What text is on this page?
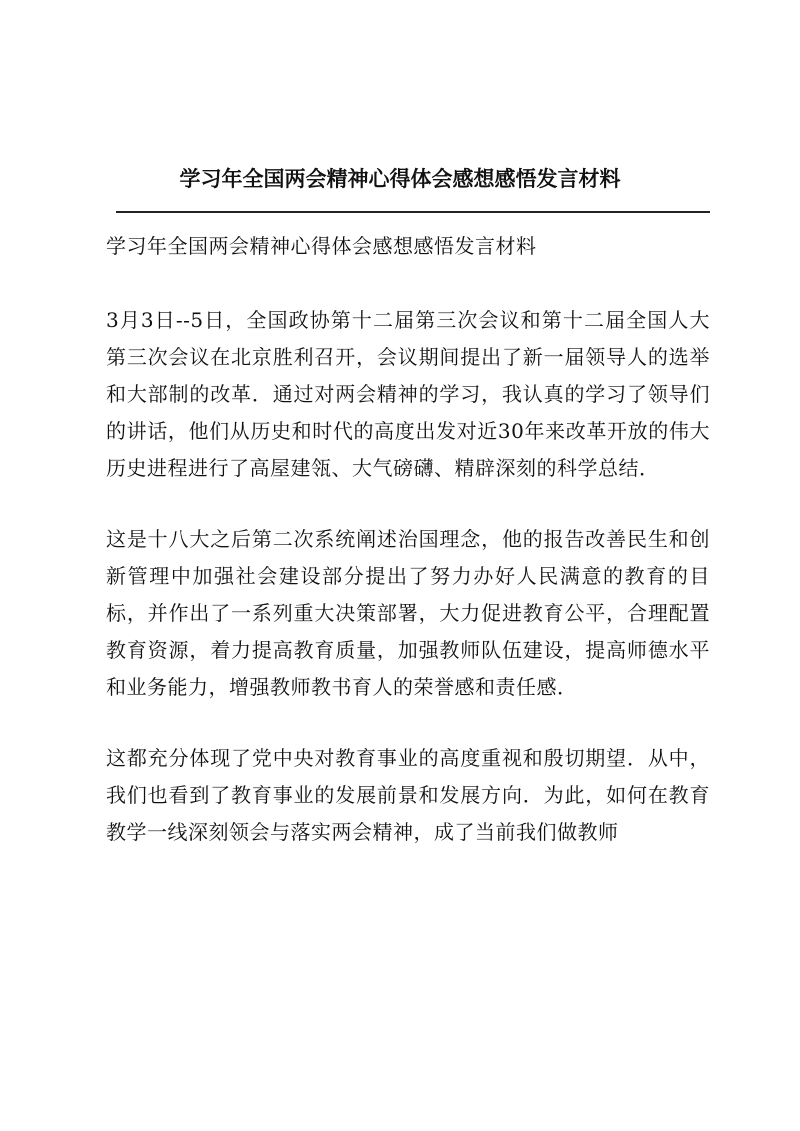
学习年全国两会精神心得体会感想感悟发言材料

学习年全国两会精神心得体会感想感悟发言材料

3月3日--5日，全国政协第十二届第三次会议和第十二届全国人大第三次会议在北京胜利召开，会议期间提出了新一届领导人的选举和大部制的改革．通过对两会精神的学习，我认真的学习了领导们的讲话，他们从历史和时代的高度出发对近30年来改革开放的伟大历史进程进行了高屋建瓴、大气磅礴、精辟深刻的科学总结．

这是十八大之后第二次系统阐述治国理念，他的报告改善民生和创新管理中加强社会建设部分提出了努力办好人民满意的教育的目标，并作出了一系列重大决策部署，大力促进教育公平，合理配置教育资源，着力提高教育质量，加强教师队伍建设，提高师德水平和业务能力，增强教师教书育人的荣誉感和责任感．

这都充分体现了党中央对教育事业的高度重视和殷切期望．从中，我们也看到了教育事业的发展前景和发展方向．为此，如何在教育教学一线深刻领会与落实两会精神，成了当前我们做教师
